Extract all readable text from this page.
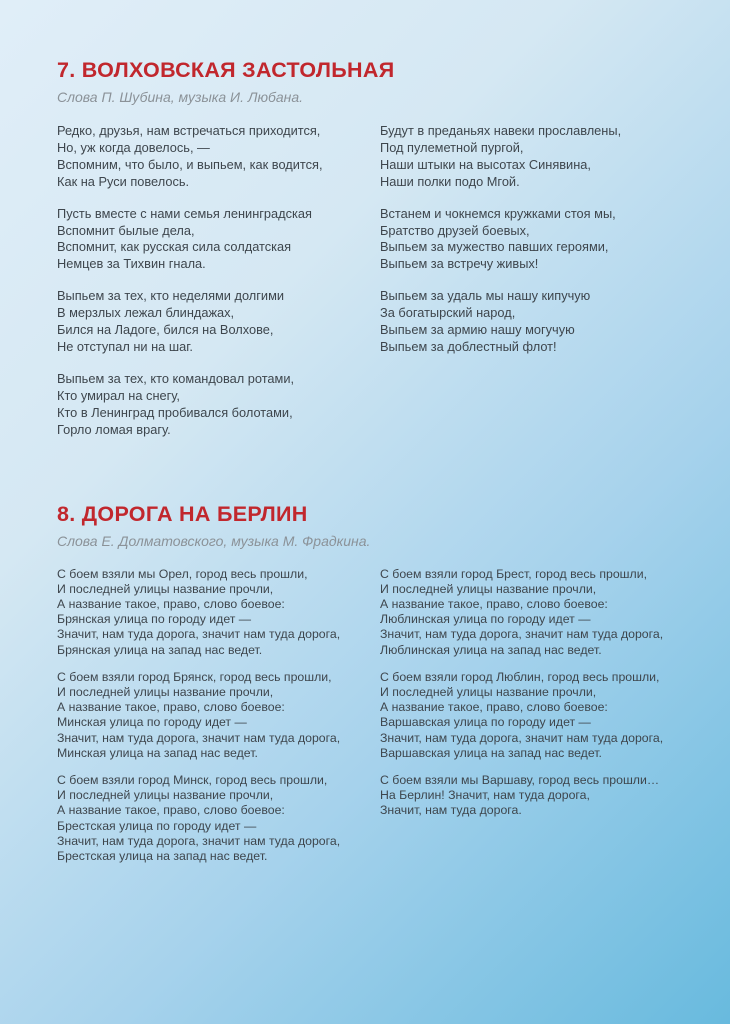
7. ВОЛХОВСКАЯ ЗАСТОЛЬНАЯ

Слова П. Шубина, музыка И. Любана.

Редко, друзья, нам встречаться приходится,
Но, уж когда довелось, —
Вспомним, что было, и выпьем, как водится,
Как на Руси повелось.

Пусть вместе с нами семья ленинградская
Вспомнит былые дела,
Вспомнит, как русская сила солдатская
Немцев за Тихвин гнала.

Выпьем за тех, кто неделями долгими
В мерзлых лежал блиндажах,
Бился на Ладоге, бился на Волхове,
Не отступал ни на шаг.

Выпьем за тех, кто командовал ротами,
Кто умирал на снегу,
Кто в Ленинград пробивался болотами,
Горло ломая врагу.

Будут в преданьях навеки прославлены,
Под пулеметной пургой,
Наши штыки на высотах Синявина,
Наши полки подо Мгой.

Встанем и чокнемся кружками стоя мы,
Братство друзей боевых,
Выпьем за мужество павших героями,
Выпьем за встречу живых!

Выпьем за удаль мы нашу кипучую
За богатырский народ,
Выпьем за армию нашу могучую
Выпьем за доблестный флот!

8. ДОРОГА НА БЕРЛИН

Слова Е. Долматовского, музыка М. Фрадкина.

С боем взяли мы Орел, город весь прошли,
И последней улицы название прочли,
А название такое, право, слово боевое:
Брянская улица по городу идет —
Значит, нам туда дорога, значит нам туда дорога,
Брянская улица на запад нас ведет.

С боем взяли город Брянск, город весь прошли,
И последней улицы название прочли,
А название такое, право, слово боевое:
Минская улица по городу идет —
Значит, нам туда дорога, значит нам туда дорога,
Минская улица на запад нас ведет.

С боем взяли город Минск, город весь прошли,
И последней улицы название прочли,
А название такое, право, слово боевое:
Брестская улица по городу идет —
Значит, нам туда дорога, значит нам туда дорога,
Брестская улица на запад нас ведет.

С боем взяли город Брест, город весь прошли,
И последней улицы название прочли,
А название такое, право, слово боевое:
Люблинская улица по городу идет —
Значит, нам туда дорога, значит нам туда дорога,
Люблинская улица на запад нас ведет.

С боем взяли город Люблин, город весь прошли,
И последней улицы название прочли,
А название такое, право, слово боевое:
Варшавская улица по городу идет —
Значит, нам туда дорога, значит нам туда дорога,
Варшавская улица на запад нас ведет.

С боем взяли мы Варшаву, город весь прошли…
На Берлин! Значит, нам туда дорога,
Значит, нам туда дорога.
